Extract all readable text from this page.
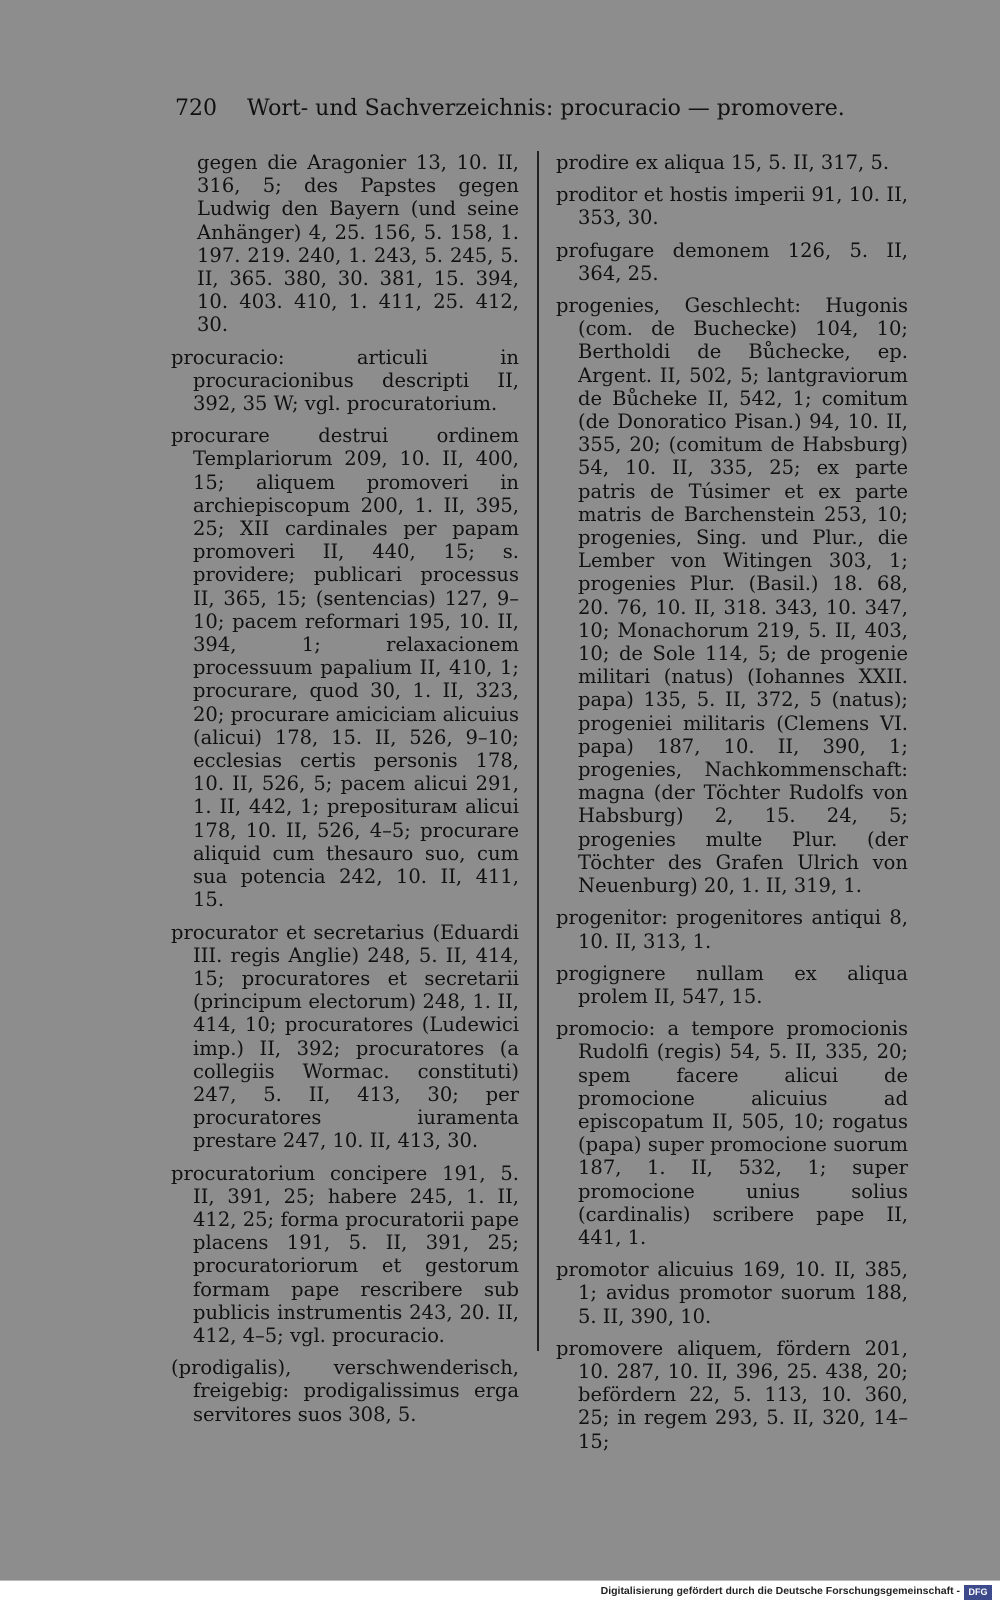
720 Wort- und Sachverzeichnis: procuracio — promovere.

gegen die Aragonier 13, 10. II, 316, 5; des Papstes gegen Ludwig den Bayern (und seine Anhänger) 4, 25. 156, 5. 158, 1. 197. 219. 240, 1. 243, 5. 245, 5. II, 365. 380, 30. 381, 15. 394, 10. 403. 410, 1. 411, 25. 412, 30.

procuracio: articuli in procuracionibus descripti II, 392, 35 W; vgl. procuratorium.

procurare destrui ordinem Templariorum 209, 10. II, 400, 15; aliquem promoveri in archiepiscopum 200, 1. II, 395, 25; XII cardinales per papam promoveri II, 440, 15; s. providere; publicari processus II, 365, 15; (sentencias) 127, 9–10; pacem reformari 195, 10. II, 394, 1; relaxacionem processuum papalium II, 410, 1; procurare, quod 30, 1. II, 323, 20; procurare amiciciam alicuius (alicui) 178, 15. II, 526, 9–10; ecclesias certis personis 178, 10. II, 526, 5; pacem alicui 291, 1. II, 442, 1; prepositurам alicui 178, 10. II, 526, 4–5; procurare aliquid cum thesauro suo, cum sua potencia 242, 10. II, 411, 15.

procurator et secretarius (Eduardi III. regis Anglie) 248, 5. II, 414, 15; procuratores et secretarii (principum electorum) 248, 1. II, 414, 10; procuratores (Ludewici imp.) II, 392; procuratores (a collegiis Wormac. constituti) 247, 5. II, 413, 30; per procuratores iuramenta prestare 247, 10. II, 413, 30.

procuratorium concipere 191, 5. II, 391, 25; habere 245, 1. II, 412, 25; forma procuratorii pape placens 191, 5. II, 391, 25; procuratoriorum et gestorum formam pape rescribere sub publicis instrumentis 243, 20. II, 412, 4–5; vgl. procuracio.

(prodigalis), verschwenderisch, freigebig: prodigalissimus erga servitores suos 308, 5.

prodire ex aliqua 15, 5. II, 317, 5.

proditor et hostis imperii 91, 10. II, 353, 30.

profugare demonem 126, 5. II, 364, 25.

progenies, Geschlecht: Hugonis (com. de Buchecke) 104, 10; Bertholdi de Bůchecke, ep. Argent. II, 502, 5; lantgraviorum de Bůcheke II, 542, 1; comitum (de Donoratico Pisan.) 94, 10. II, 355, 20; (comitum de Habsburg) 54, 10. II, 335, 25; ex parte patris de Túsimer et ex parte matris de Barchenstein 253, 10; progenies, Sing. und Plur., die Lember von Witingen 303, 1; progenies Plur. (Basil.) 18. 68, 20. 76, 10. II, 318. 343, 10. 347, 10; Monachorum 219, 5. II, 403, 10; de Sole 114, 5; de progenie militari (natus) (Iohannes XXII. papa) 135, 5. II, 372, 5 (natus); progeniei militaris (Clemens VI. papa) 187, 10. II, 390, 1; progenies, Nachkommenschaft: magna (der Töchter Rudolfs von Habsburg) 2, 15. 24, 5; progenies multe Plur. (der Töchter des Grafen Ulrich von Neuenburg) 20, 1. II, 319, 1.

progenitor: progenitores antiqui 8, 10. II, 313, 1.

progignere nullam ex aliqua prolem II, 547, 15.

promocio: a tempore promocionis Rudolfi (regis) 54, 5. II, 335, 20; spem facere alicui de promocione alicuius ad episcopatum II, 505, 10; rogatus (papa) super promocione suorum 187, 1. II, 532, 1; super promocione unius solius (cardinalis) scribere pape II, 441, 1.

promotor alicuius 169, 10. II, 385, 1; avidus promotor suorum 188, 5. II, 390, 10.

promovere aliquem, fördern 201, 10. 287, 10. II, 396, 25. 438, 20; befördern 22, 5. 113, 10. 360, 25; in regem 293, 5. II, 320, 14–15;

Digitalisierung gefördert durch die Deutsche Forschungsgemeinschaft - DFG
